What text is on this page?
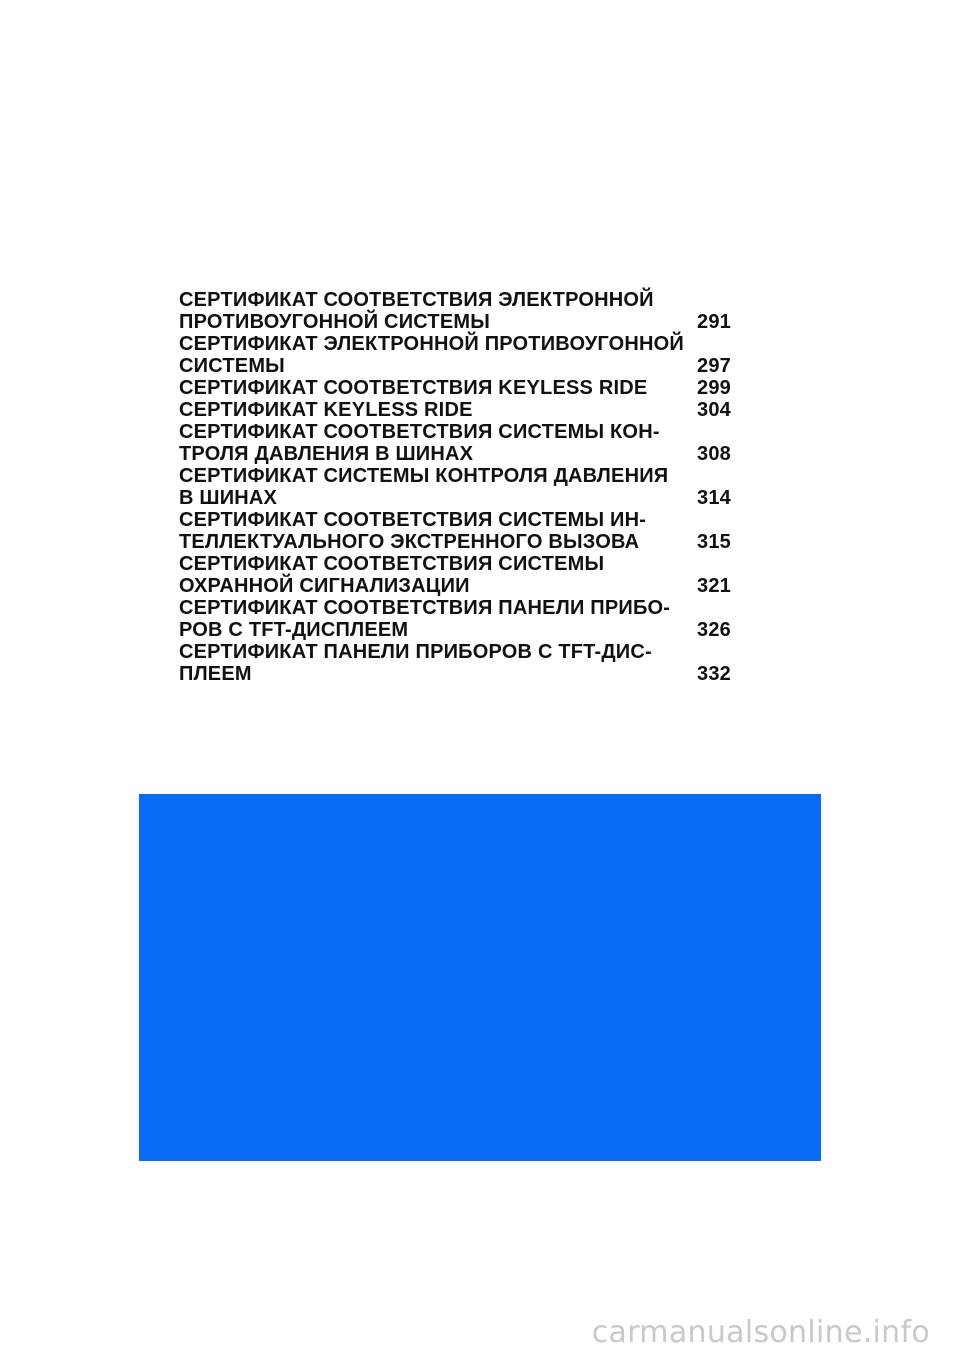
СЕРТИФИКАТ СООТВЕТСТВИЯ ЭЛЕКТРОННОЙ
ПРОТИВОУГОННОЙ СИСТЕМЫ	291
СЕРТИФИКАТ ЭЛЕКТРОННОЙ ПРОТИВОУГОННОЙ
СИСТЕМЫ	297
СЕРТИФИКАТ СООТВЕТСТВИЯ KEYLESS RIDE	299
СЕРТИФИКАТ KEYLESS RIDE	304
СЕРТИФИКАТ СООТВЕТСТВИЯ СИСТЕМЫ КОН-
ТРОЛЯ ДАВЛЕНИЯ В ШИНАХ	308
СЕРТИФИКАТ СИСТЕМЫ КОНТРОЛЯ ДАВЛЕНИЯ
В ШИНАХ	314
СЕРТИФИКАТ СООТВЕТСТВИЯ СИСТЕМЫ ИН-
ТЕЛЛЕКТУАЛЬНОГО ЭКСТРЕННОГО ВЫЗОВА	315
СЕРТИФИКАТ СООТВЕТСТВИЯ СИСТЕМЫ
ОХРАННОЙ СИГНАЛИЗАЦИИ	321
СЕРТИФИКАТ СООТВЕТСТВИЯ ПАНЕЛИ ПРИБО-
РОВ С TFT-ДИСПЛЕЕМ	326
СЕРТИФИКАТ ПАНЕЛИ ПРИБОРОВ С TFT-ДИС-
ПЛЕЕМ	332
carmanualsonline.info
